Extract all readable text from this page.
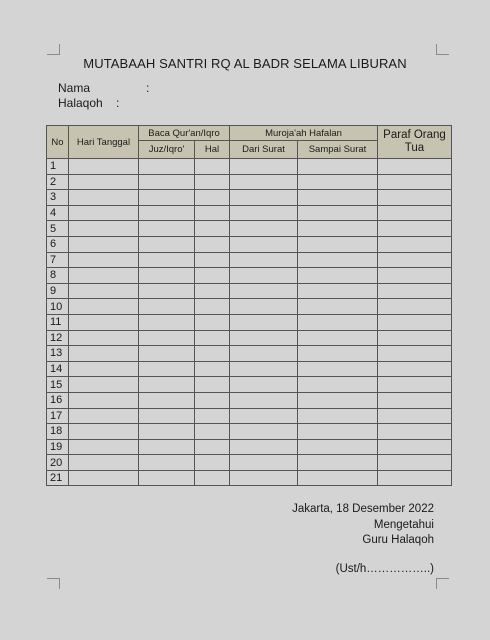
MUTABAAH SANTRI RQ AL BADR SELAMA LIBURAN
Nama	:
Halaqoh :
No	Hari Tanggal	Baca Qur'an/Iqro		Muroja'ah Hafalan		Paraf Orang Tua
		Juz/Iqro'	Hal	Dari Surat	Sampai Surat	
1						
2						
3						
4						
5						
6						
7						
8						
9						
10						
11						
12						
13						
14						
15						
16						
17						
18						
19						
20						
21						
Jakarta, 18 Desember 2022
Mengetahui
Guru Halaqoh
(Ust/h……………..)
